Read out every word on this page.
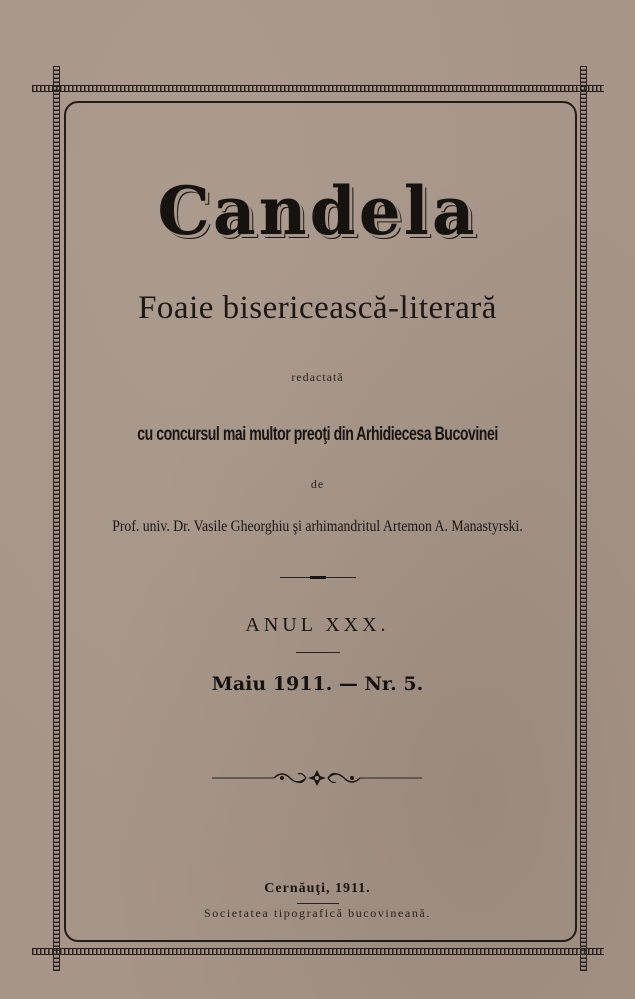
Candela
Foaie bisericească-literară
redactată
cu concursul mai multor preoţi din Arhidiecesa Bucovinei
de
Prof. univ. Dr. Vasile Gheorghiu şi arhimandritul Artemon A. Manastyrski.
ANUL XXX.
Maiu 1911. — Nr. 5.
Cernăuţi, 1911.
Societatea tipografică bucovineană.
